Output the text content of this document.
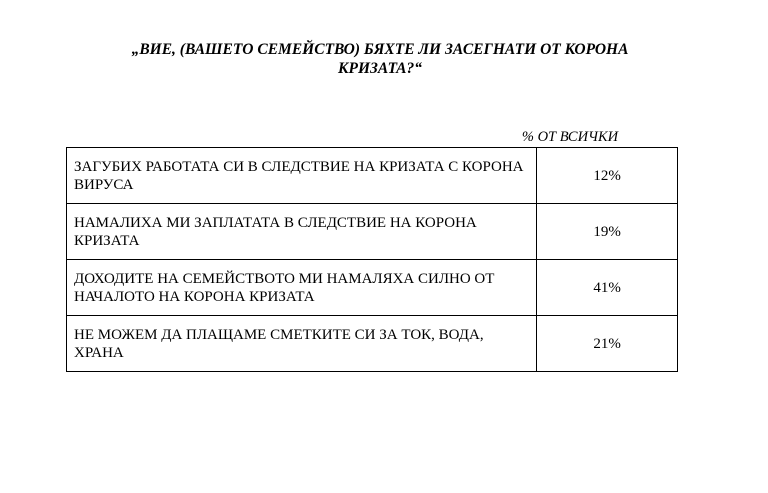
„ВИЕ, (ВАШЕТО СЕМЕЙСТВО) БЯХТЕ ЛИ ЗАСЕГНАТИ ОТ КОРОНА
КРИЗАТА?“
% ОТ ВСИЧКИ
ЗАГУБИХ РАБОТАТА СИ В СЛЕДСТВИЕ НА КРИЗАТА С КОРОНА ВИРУСА	12%
НАМАЛИХА МИ ЗАПЛАТАТА В СЛЕДСТВИЕ НА КОРОНА КРИЗАТА	19%
ДОХОДИТЕ НА СЕМЕЙСТВОТО МИ НАМАЛЯХА СИЛНО ОТ НАЧАЛОТО НА КОРОНА КРИЗАТА	41%
НЕ МОЖЕМ ДА ПЛАЩАМЕ СМЕТКИТЕ СИ ЗА ТОК, ВОДА, ХРАНА	21%
